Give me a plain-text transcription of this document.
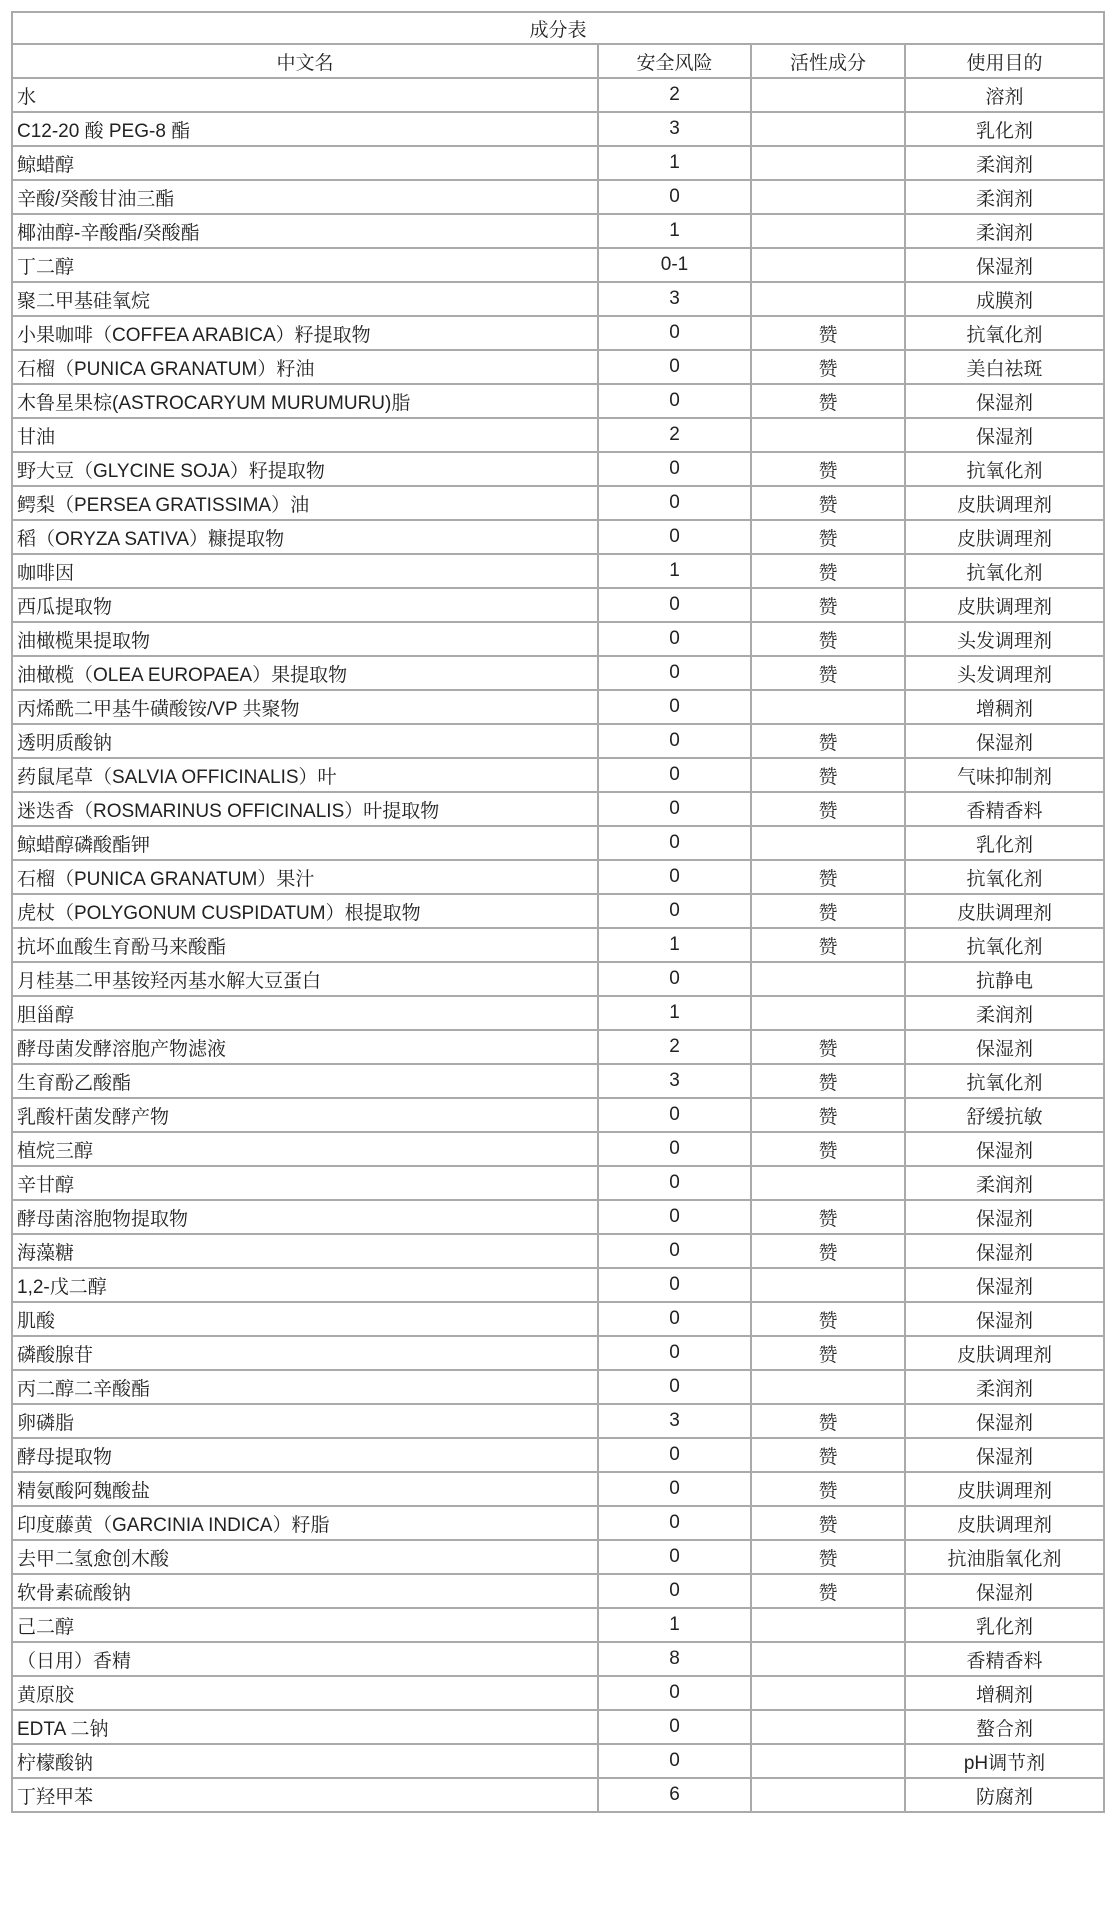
成分表			
中文名	安全风险	活性成分	使用目的
水	2		溶剂
C12-20 酸 PEG-8 酯	3		乳化剂
鲸蜡醇	1		柔润剂
辛酸/癸酸甘油三酯	0		柔润剂
椰油醇-辛酸酯/癸酸酯	1		柔润剂
丁二醇	0-1		保湿剂
聚二甲基硅氧烷	3		成膜剂
小果咖啡（COFFEA ARABICA）籽提取物	0	赞	抗氧化剂
石榴（PUNICA GRANATUM）籽油	0	赞	美白祛斑
木鲁星果棕(ASTROCARYUM MURUMURU)脂	0	赞	保湿剂
甘油	2		保湿剂
野大豆（GLYCINE SOJA）籽提取物	0	赞	抗氧化剂
鳄梨（PERSEA GRATISSIMA）油	0	赞	皮肤调理剂
稻（ORYZA SATIVA）糠提取物	0	赞	皮肤调理剂
咖啡因	1	赞	抗氧化剂
西瓜提取物	0	赞	皮肤调理剂
油橄榄果提取物	0	赞	头发调理剂
油橄榄（OLEA EUROPAEA）果提取物	0	赞	头发调理剂
丙烯酰二甲基牛磺酸铵/VP 共聚物	0		增稠剂
透明质酸钠	0	赞	保湿剂
药鼠尾草（SALVIA OFFICINALIS）叶	0	赞	气味抑制剂
迷迭香（ROSMARINUS OFFICINALIS）叶提取物	0	赞	香精香料
鲸蜡醇磷酸酯钾	0		乳化剂
石榴（PUNICA GRANATUM）果汁	0	赞	抗氧化剂
虎杖（POLYGONUM CUSPIDATUM）根提取物	0	赞	皮肤调理剂
抗坏血酸生育酚马来酸酯	1	赞	抗氧化剂
月桂基二甲基铵羟丙基水解大豆蛋白	0		抗静电
胆甾醇	1		柔润剂
酵母菌发酵溶胞产物滤液	2	赞	保湿剂
生育酚乙酸酯	3	赞	抗氧化剂
乳酸杆菌发酵产物	0	赞	舒缓抗敏
植烷三醇	0	赞	保湿剂
辛甘醇	0		柔润剂
酵母菌溶胞物提取物	0	赞	保湿剂
海藻糖	0	赞	保湿剂
1,2-戊二醇	0		保湿剂
肌酸	0	赞	保湿剂
磷酸腺苷	0	赞	皮肤调理剂
丙二醇二辛酸酯	0		柔润剂
卵磷脂	3	赞	保湿剂
酵母提取物	0	赞	保湿剂
精氨酸阿魏酸盐	0	赞	皮肤调理剂
印度藤黄（GARCINIA INDICA）籽脂	0	赞	皮肤调理剂
去甲二氢愈创木酸	0	赞	抗油脂氧化剂
软骨素硫酸钠	0	赞	保湿剂
己二醇	1		乳化剂
（日用）香精	8		香精香料
黄原胶	0		增稠剂
EDTA 二钠	0		螯合剂
柠檬酸钠	0		pH调节剂
丁羟甲苯	6		防腐剂
